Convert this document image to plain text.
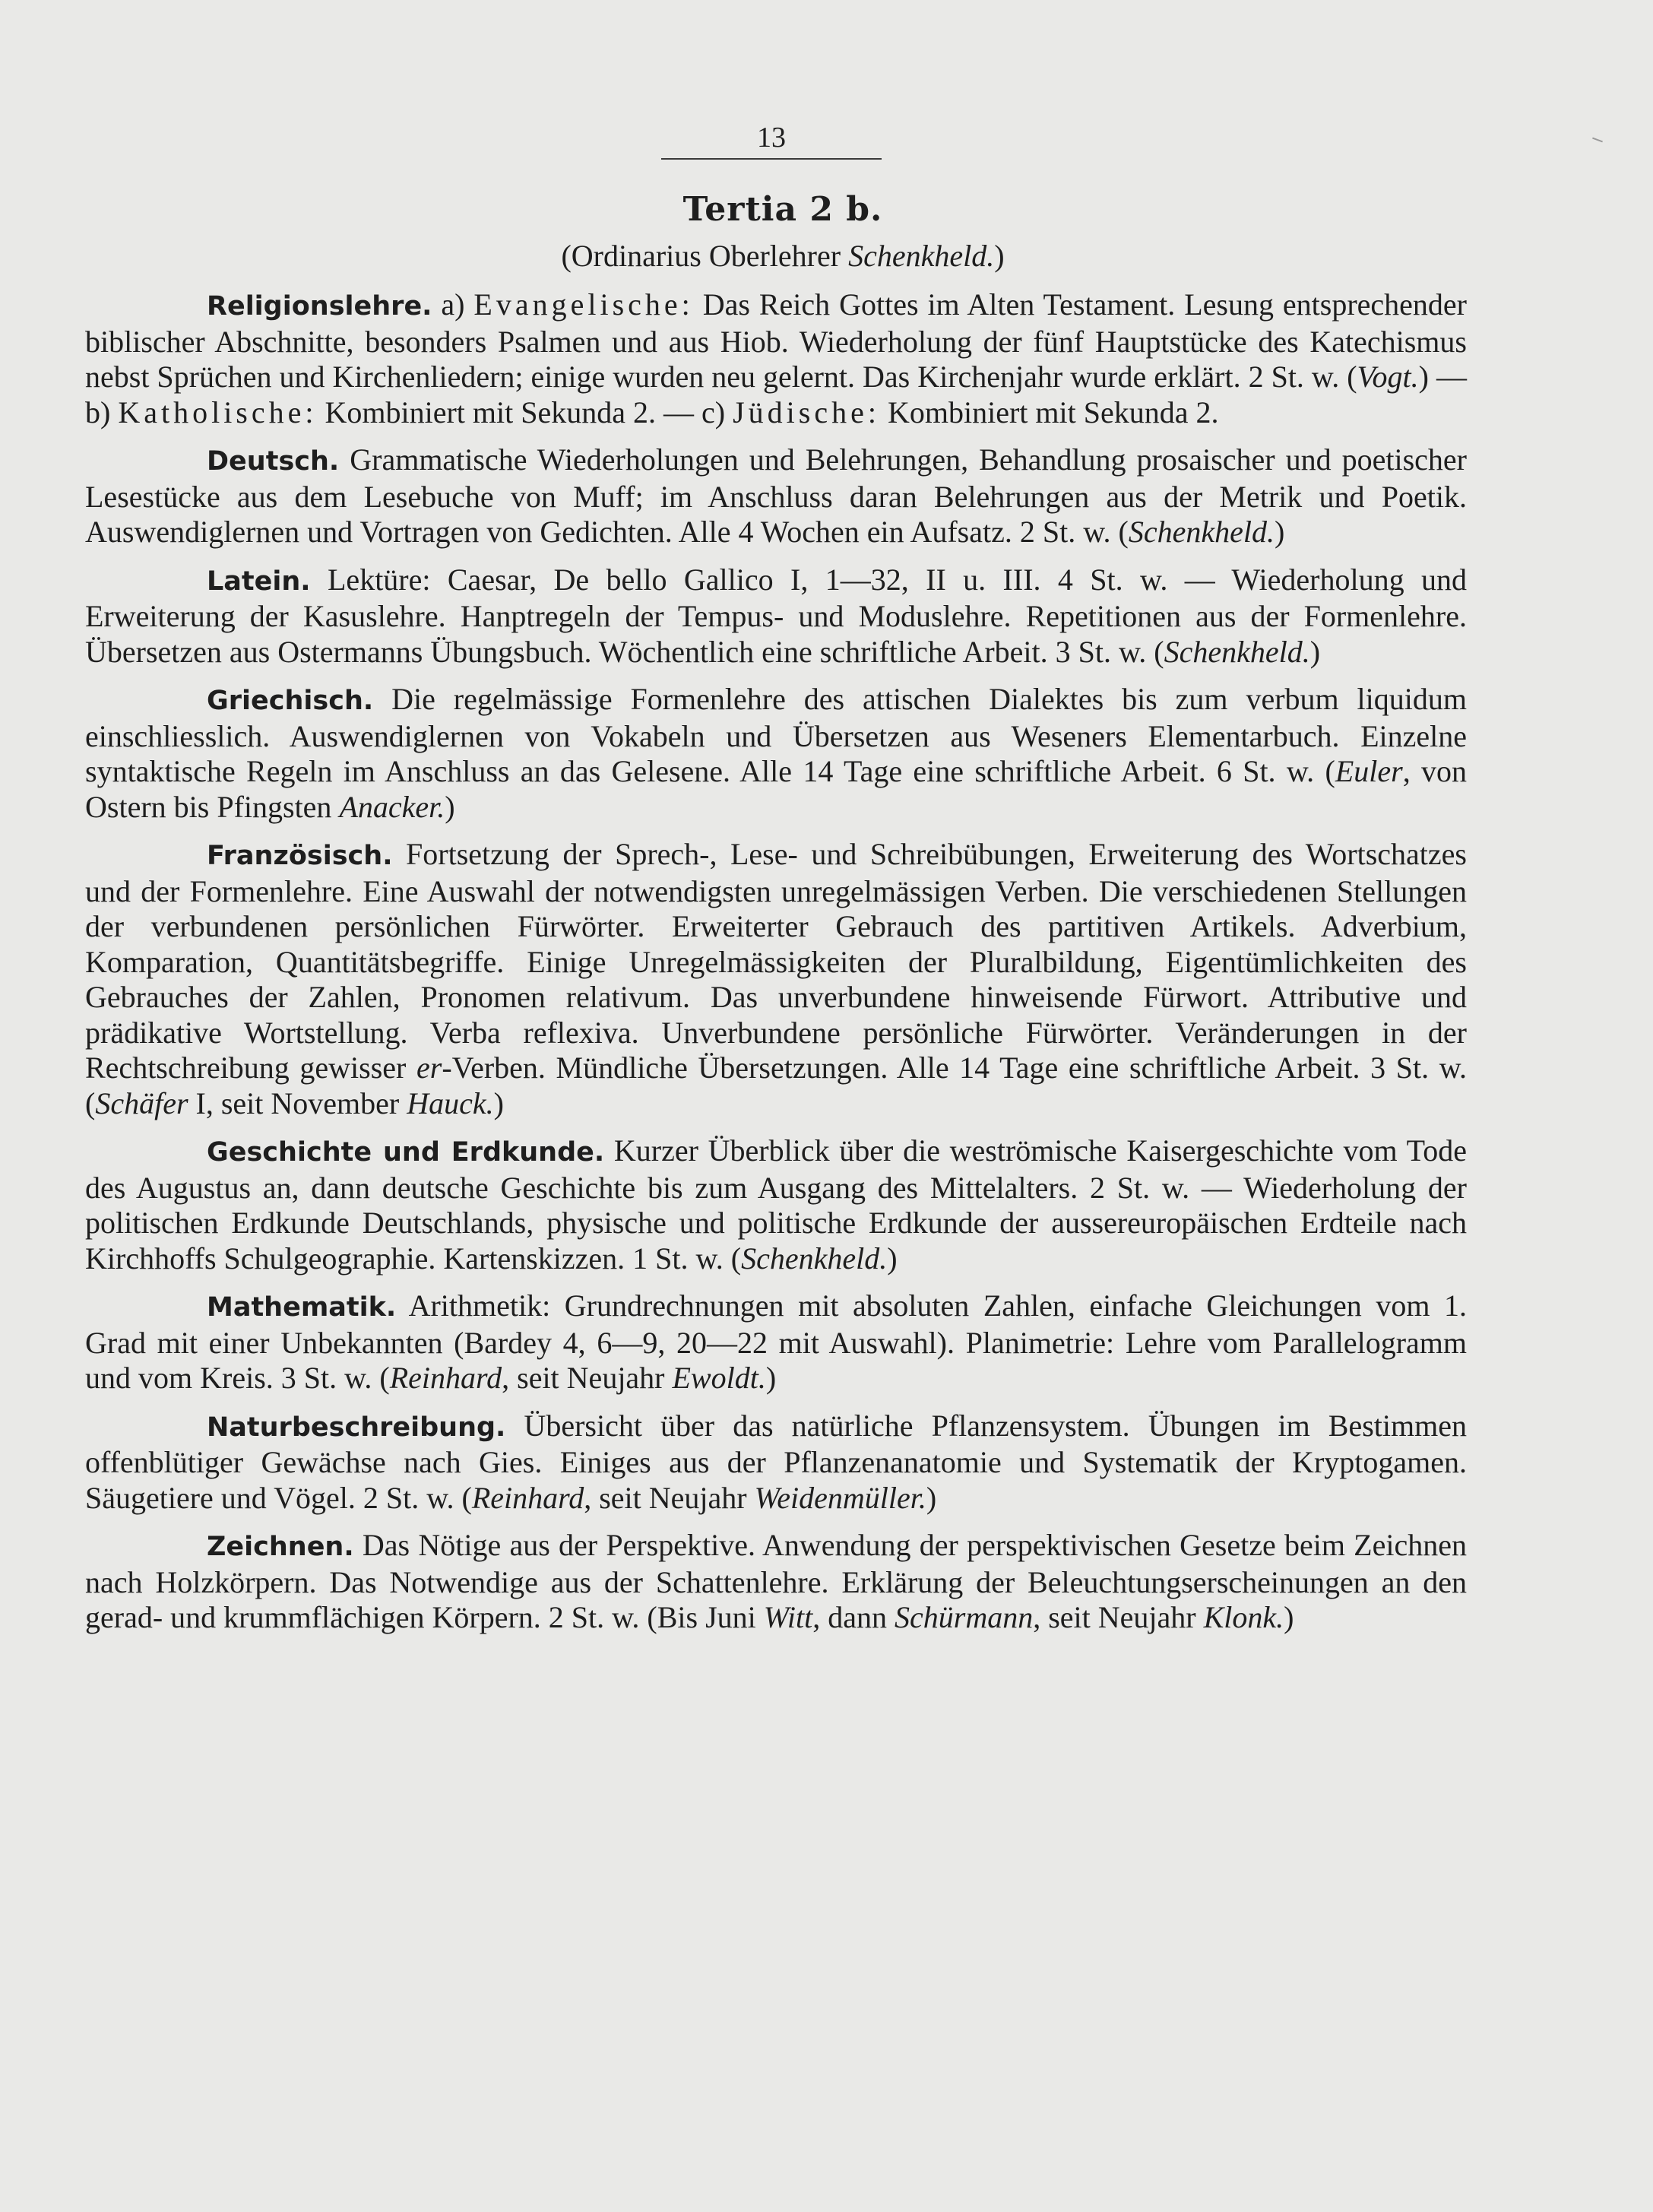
13
Tertia 2 b.
(Ordinarius Oberlehrer Schenkheld.)

Religionslehre. a) Evangelische: Das Reich Gottes im Alten Testament. Lesung entsprechender biblischer Abschnitte, besonders Psalmen und aus Hiob. Wiederholung der fünf Hauptstücke des Katechismus nebst Sprüchen und Kirchenliedern; einige wurden neu gelernt. Das Kirchenjahr wurde erklärt. 2 St. w. (Vogt.) — b) Katholische: Kombiniert mit Sekunda 2. — c) Jüdische: Kombiniert mit Sekunda 2.

Deutsch. Grammatische Wiederholungen und Belehrungen, Behandlung prosaischer und poetischer Lesestücke aus dem Lesebuche von Muff; im Anschluss daran Belehrungen aus der Metrik und Poetik. Auswendiglernen und Vortragen von Gedichten. Alle 4 Wochen ein Aufsatz. 2 St. w. (Schenkheld.)

Latein. Lektüre: Caesar, De bello Gallico I, 1—32, II u. III. 4 St. w. — Wiederholung und Erweiterung der Kasuslehre. Hanptregeln der Tempus- und Moduslehre. Repetitionen aus der Formenlehre. Übersetzen aus Ostermanns Übungsbuch. Wöchentlich eine schriftliche Arbeit. 3 St. w. (Schenkheld.)

Griechisch. Die regelmässige Formenlehre des attischen Dialektes bis zum verbum liquidum einschliesslich. Auswendiglernen von Vokabeln und Übersetzen aus Weseners Elementarbuch. Einzelne syntaktische Regeln im Anschluss an das Gelesene. Alle 14 Tage eine schriftliche Arbeit. 6 St. w. (Euler, von Ostern bis Pfingsten Anacker.)

Französisch. Fortsetzung der Sprech-, Lese- und Schreibübungen, Erweiterung des Wortschatzes und der Formenlehre. Eine Auswahl der notwendigsten unregelmässigen Verben. Die verschiedenen Stellungen der verbundenen persönlichen Fürwörter. Erweiterter Gebrauch des partitiven Artikels. Adverbium, Komparation, Quantitätsbegriffe. Einige Unregelmässigkeiten der Pluralbildung, Eigentümlichkeiten des Gebrauches der Zahlen, Pronomen relativum. Das unverbundene hinweisende Fürwort. Attributive und prädikative Wortstellung. Verba reflexiva. Unverbundene persönliche Fürwörter. Veränderungen in der Rechtschreibung gewisser er-Verben. Mündliche Übersetzungen. Alle 14 Tage eine schriftliche Arbeit. 3 St. w. (Schäfer I, seit November Hauck.)

Geschichte und Erdkunde. Kurzer Überblick über die weströmische Kaisergeschichte vom Tode des Augustus an, dann deutsche Geschichte bis zum Ausgang des Mittelalters. 2 St. w. — Wiederholung der politischen Erdkunde Deutschlands, physische und politische Erdkunde der aussereuropäischen Erdteile nach Kirchhoffs Schulgeographie. Kartenskizzen. 1 St. w. (Schenkheld.)

Mathematik. Arithmetik: Grundrechnungen mit absoluten Zahlen, einfache Gleichungen vom 1. Grad mit einer Unbekannten (Bardey 4, 6—9, 20—22 mit Auswahl). Planimetrie: Lehre vom Parallelogramm und vom Kreis. 3 St. w. (Reinhard, seit Neujahr Ewoldt.)

Naturbeschreibung. Übersicht über das natürliche Pflanzensystem. Übungen im Bestimmen offenblütiger Gewächse nach Gies. Einiges aus der Pflanzenanatomie und Systematik der Kryptogamen. Säugetiere und Vögel. 2 St. w. (Reinhard, seit Neujahr Weidenmüller.)

Zeichnen. Das Nötige aus der Perspektive. Anwendung der perspektivischen Gesetze beim Zeichnen nach Holzkörpern. Das Notwendige aus der Schattenlehre. Erklärung der Beleuchtungserscheinungen an den gerad- und krummflächigen Körpern. 2 St. w. (Bis Juni Witt, dann Schürmann, seit Neujahr Klonk.)
